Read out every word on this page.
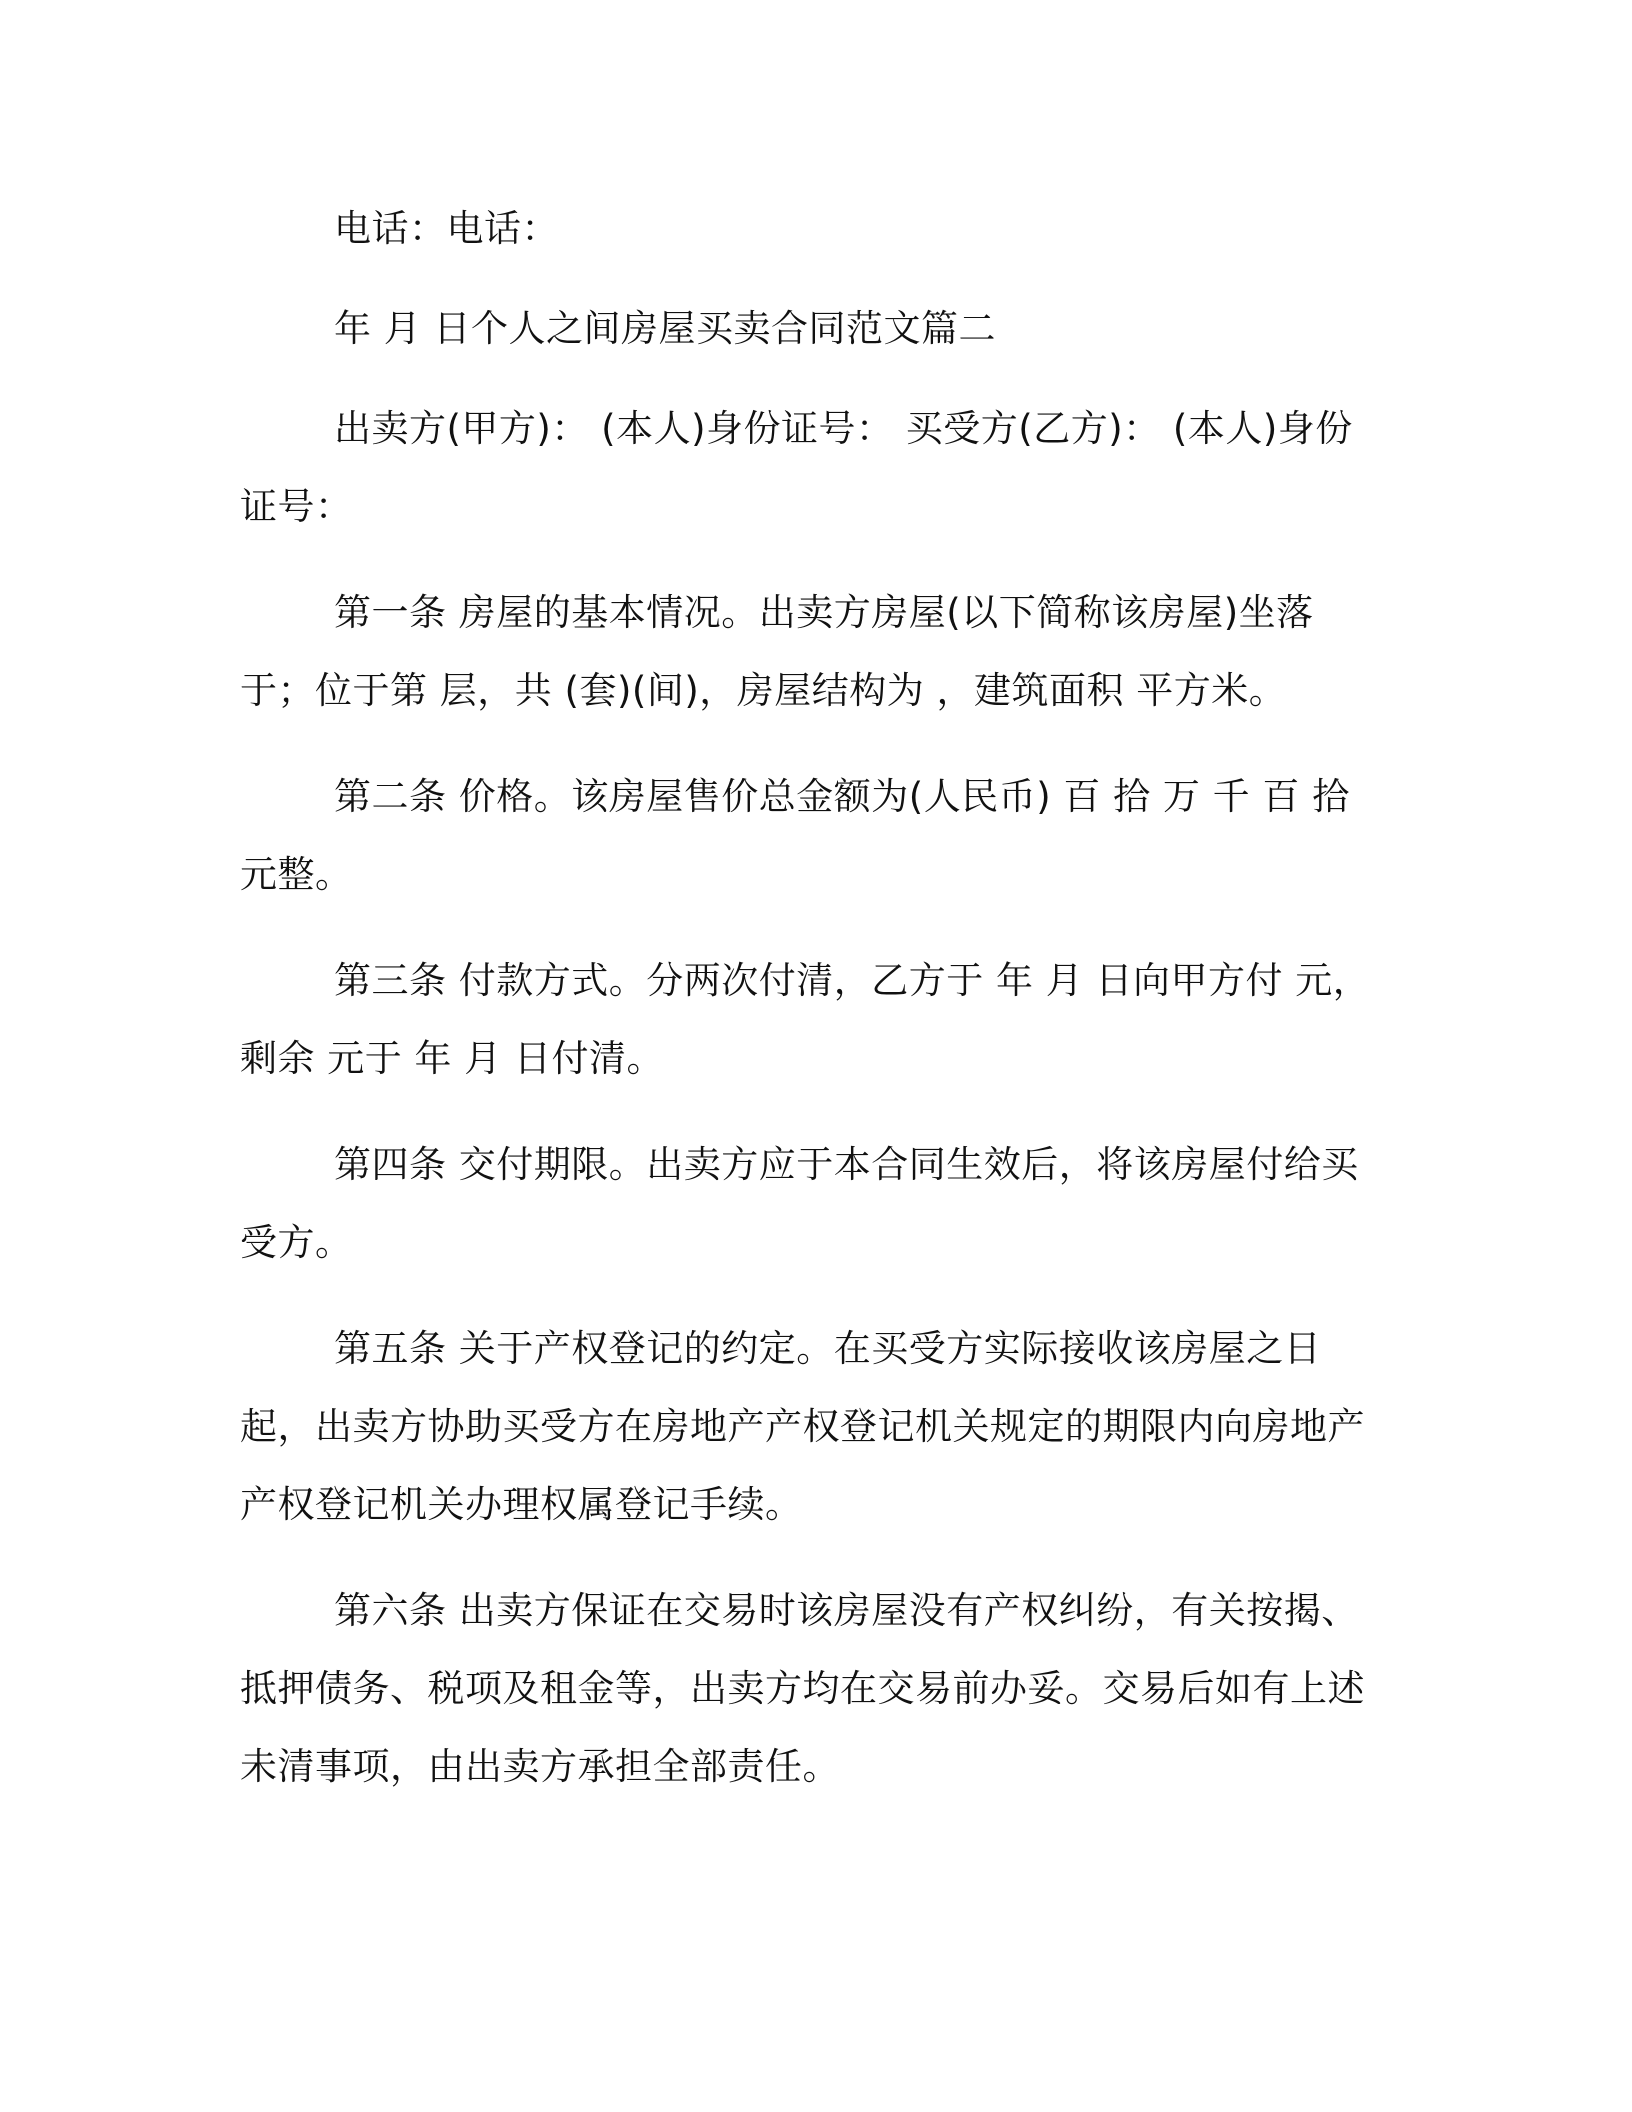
电话：电话：

年 月 日个人之间房屋买卖合同范文篇二

出卖方(甲方)： (本人)身份证号： 买受方(乙方)： (本人)身份证号：

第一条 房屋的基本情况。出卖方房屋(以下简称该房屋)坐落于；位于第 层，共 (套)(间)，房屋结构为 ，建筑面积 平方米。

第二条 价格。该房屋售价总金额为(人民币) 百 拾 万 千 百 拾 元整。

第三条 付款方式。分两次付清，乙方于 年 月 日向甲方付 元，剩余 元于 年 月 日付清。

第四条 交付期限。出卖方应于本合同生效后，将该房屋付给买受方。

第五条 关于产权登记的约定。在买受方实际接收该房屋之日起，出卖方协助买受方在房地产产权登记机关规定的期限内向房地产产权登记机关办理权属登记手续。

第六条 出卖方保证在交易时该房屋没有产权纠纷，有关按揭、抵押债务、税项及租金等，出卖方均在交易前办妥。交易后如有上述未清事项，由出卖方承担全部责任。
